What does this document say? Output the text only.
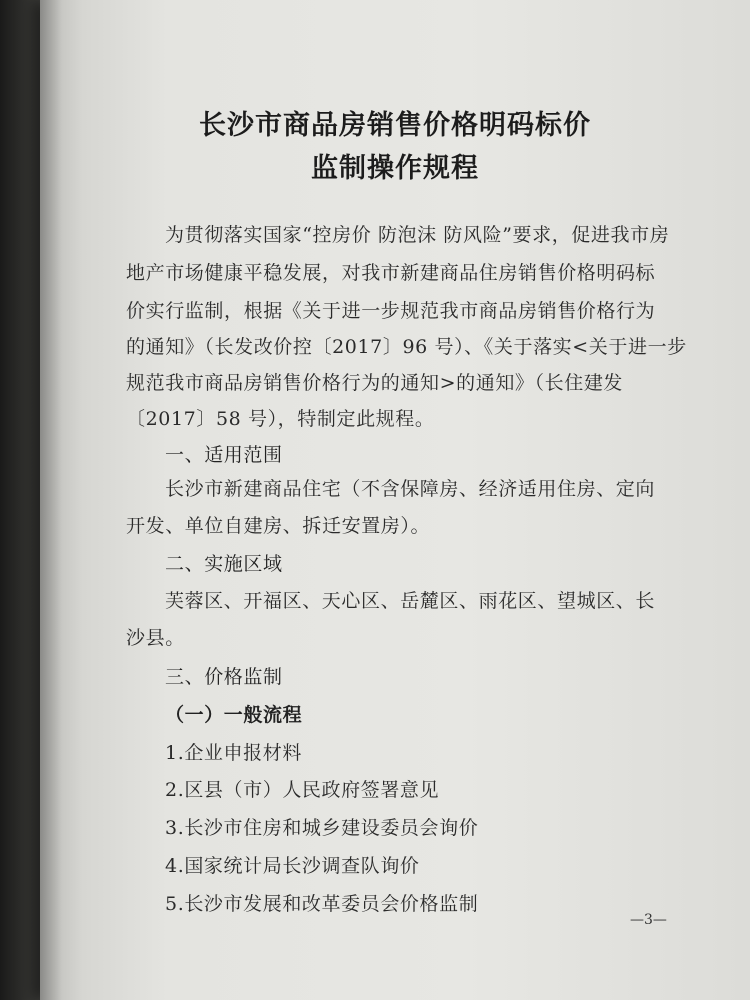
长沙市商品房销售价格明码标价
监制操作规程
为贯彻落实国家“控房价 防泡沫 防风险”要求，促进我市房
地产市场健康平稳发展，对我市新建商品住房销售价格明码标
价实行监制，根据《关于进一步规范我市商品房销售价格行为
的通知》（长发改价控〔2017〕96 号）、《关于落实<关于进一步
规范我市商品房销售价格行为的通知>的通知》（长住建发
〔2017〕58 号），特制定此规程。
一、适用范围
长沙市新建商品住宅（不含保障房、经济适用住房、定向
开发、单位自建房、拆迁安置房）。
二、实施区域
芙蓉区、开福区、天心区、岳麓区、雨花区、望城区、长
沙县。
三、价格监制
（一）一般流程
1.企业申报材料
2.区县（市）人民政府签署意见
3.长沙市住房和城乡建设委员会询价
4.国家统计局长沙调查队询价
5.长沙市发展和改革委员会价格监制
—3—
